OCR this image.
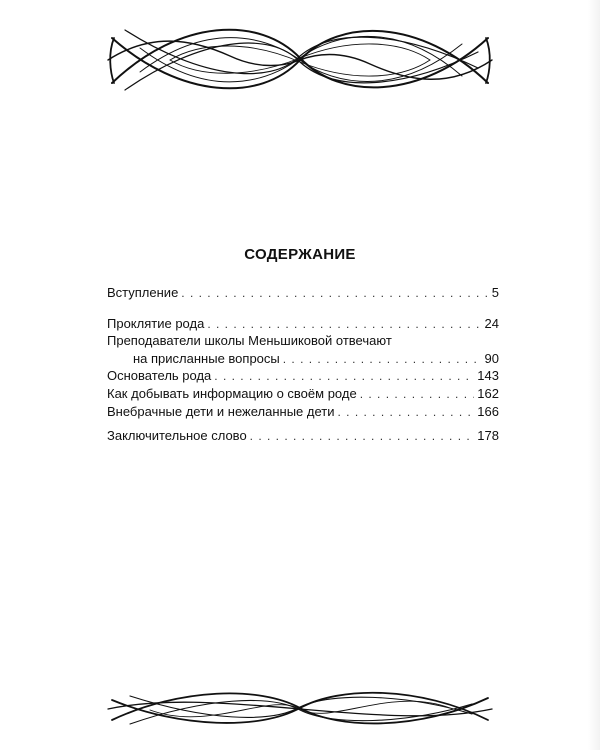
СОДЕРЖАНИЕ
Вступление . . .	5
Проклятие рода . . .	24
Преподаватели школы Меньшиковой отвечают
на присланные вопросы . . .	90
Основатель рода . . .	143
Как добывать информацию о своём роде . . .	162
Внебрачные дети и нежеланные дети . . .	166
Заключительное слово . . .	178
